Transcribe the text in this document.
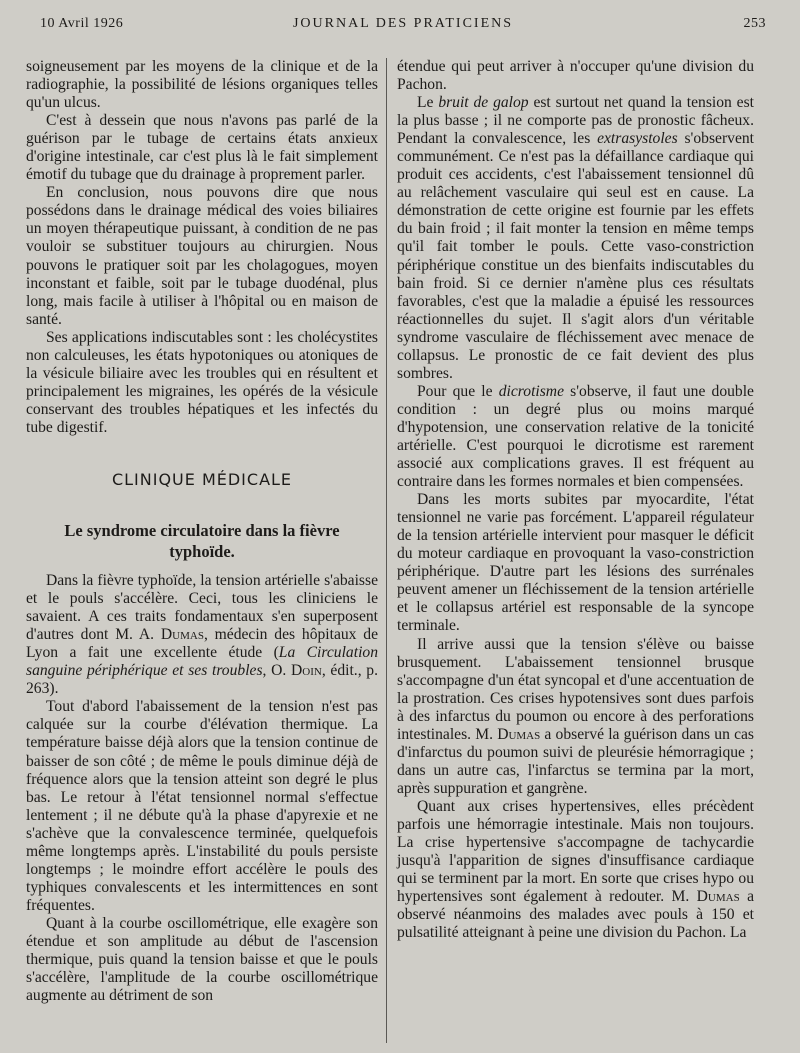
10 Avril 1926	JOURNAL DES PRATICIENS	253

soigneusement par les moyens de la clinique et de la radiographie, la possibilité de lésions organiques telles qu'un ulcus.

C'est à dessein que nous n'avons pas parlé de la guérison par le tubage de certains états anxieux d'origine intestinale, car c'est plus là le fait simplement émotif du tubage que du drainage à proprement parler.

En conclusion, nous pouvons dire que nous possédons dans le drainage médical des voies biliaires un moyen thérapeutique puissant, à condition de ne pas vouloir se substituer toujours au chirurgien. Nous pouvons le pratiquer soit par les cholagogues, moyen inconstant et faible, soit par le tubage duodénal, plus long, mais facile à utiliser à l'hôpital ou en maison de santé.

Ses applications indiscutables sont : les cholécystites non calculeuses, les états hypotoniques ou atoniques de la vésicule biliaire avec les troubles qui en résultent et principalement les migraines, les opérés de la vésicule conservant des troubles hépatiques et les infectés du tube digestif.

CLINIQUE MÉDICALE
Le syndrome circulatoire dans la fièvre typhoïde.

Dans la fièvre typhoïde, la tension artérielle s'abaisse et le pouls s'accélère. Ceci, tous les cliniciens le savaient. A ces traits fondamentaux s'en superposent d'autres dont M. A. Dumas, médecin des hôpitaux de Lyon a fait une excellente étude (La Circulation sanguine périphérique et ses troubles, O. Doin, édit., p. 263).

Tout d'abord l'abaissement de la tension n'est pas calquée sur la courbe d'élévation thermique. La température baisse déjà alors que la tension continue de baisser de son côté ; de même le pouls diminue déjà de fréquence alors que la tension atteint son degré le plus bas. Le retour à l'état tensionnel normal s'effectue lentement ; il ne débute qu'à la phase d'apyrexie et ne s'achève que la convalescence terminée, quelquefois même longtemps après. L'instabilité du pouls persiste longtemps ; le moindre effort accélère le pouls des typhiques convalescents et les intermittences en sont fréquentes.

Quant à la courbe oscillométrique, elle exagère son étendue et son amplitude au début de l'ascension thermique, puis quand la tension baisse et que le pouls s'accélère, l'amplitude de la courbe oscillométrique augmente au détriment de son

étendue qui peut arriver à n'occuper qu'une division du Pachon.

Le bruit de galop est surtout net quand la tension est la plus basse ; il ne comporte pas de pronostic fâcheux. Pendant la convalescence, les extrasystoles s'observent communément. Ce n'est pas la défaillance cardiaque qui produit ces accidents, c'est l'abaissement tensionnel dû au relâchement vasculaire qui seul est en cause. La démonstration de cette origine est fournie par les effets du bain froid ; il fait monter la tension en même temps qu'il fait tomber le pouls. Cette vaso-constriction périphérique constitue un des bienfaits indiscutables du bain froid. Si ce dernier n'amène plus ces résultats favorables, c'est que la maladie a épuisé les ressources réactionnelles du sujet. Il s'agit alors d'un véritable syndrome vasculaire de fléchissement avec menace de collapsus. Le pronostic de ce fait devient des plus sombres.

Pour que le dicrotisme s'observe, il faut une double condition : un degré plus ou moins marqué d'hypotension, une conservation relative de la tonicité artérielle. C'est pourquoi le dicrotisme est rarement associé aux complications graves. Il est fréquent au contraire dans les formes normales et bien compensées.

Dans les morts subites par myocardite, l'état tensionnel ne varie pas forcément. L'appareil régulateur de la tension artérielle intervient pour masquer le déficit du moteur cardiaque en provoquant la vaso-constriction périphérique. D'autre part les lésions des surrénales peuvent amener un fléchissement de la tension artérielle et le collapsus artériel est responsable de la syncope terminale.

Il arrive aussi que la tension s'élève ou baisse brusquement. L'abaissement tensionnel brusque s'accompagne d'un état syncopal et d'une accentuation de la prostration. Ces crises hypotensives sont dues parfois à des infarctus du poumon ou encore à des perforations intestinales. M. Dumas a observé la guérison dans un cas d'infarctus du poumon suivi de pleurésie hémorragique ; dans un autre cas, l'infarctus se termina par la mort, après suppuration et gangrène.

Quant aux crises hypertensives, elles précèdent parfois une hémorragie intestinale. Mais non toujours. La crise hypertensive s'accompagne de tachycardie jusqu'à l'apparition de signes d'insuffisance cardiaque qui se terminent par la mort. En sorte que crises hypo ou hypertensives sont également à redouter. M. Dumas a observé néanmoins des malades avec pouls à 150 et pulsatilité atteignant à peine une division du Pachon. La
